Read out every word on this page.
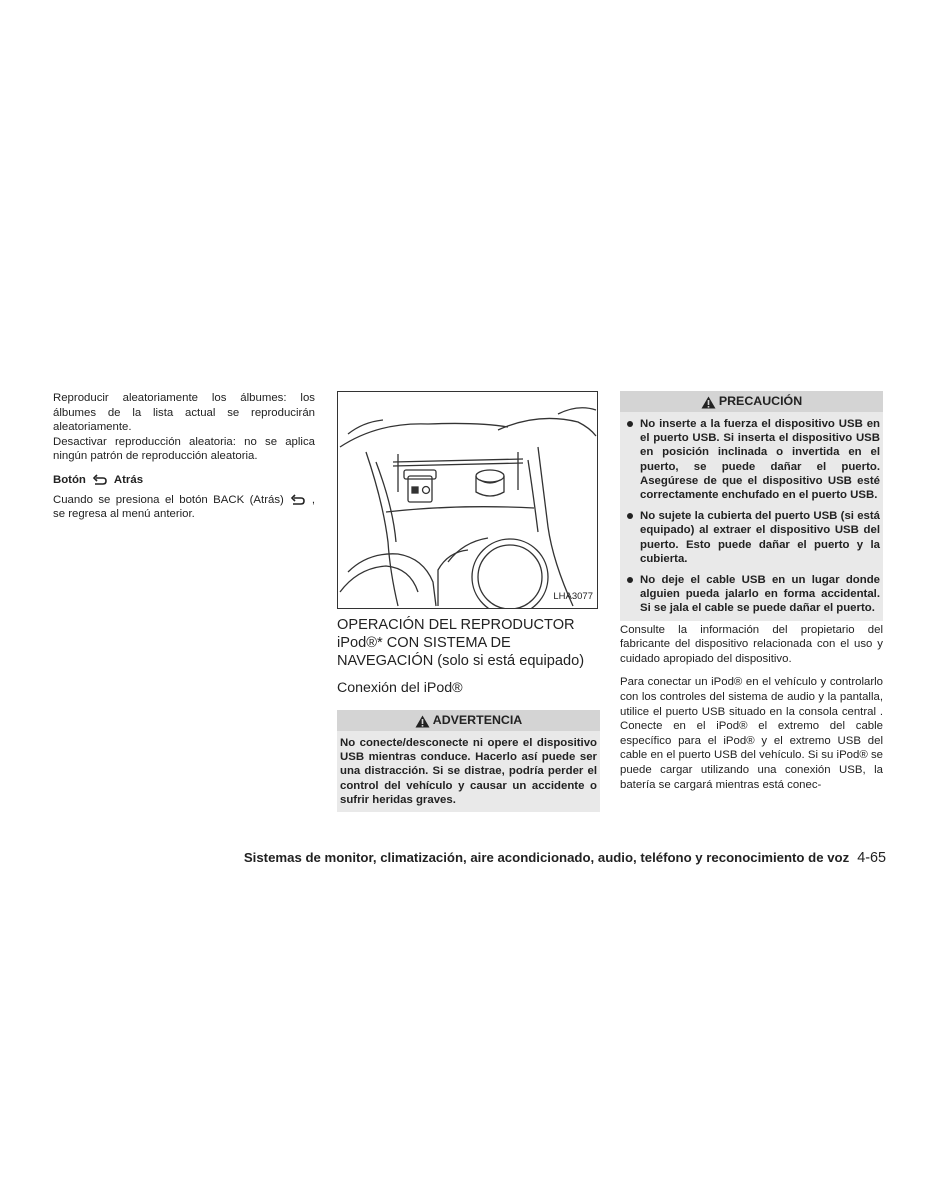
Reproducir aleatoriamente los álbumes: los álbumes de la lista actual se reproducirán aleatoriamente.

Desactivar reproducción aleatoria: no se aplica ningún patrón de reproducción aleatoria.

Botón Atrás

Cuando se presiona el botón BACK (Atrás) , se regresa al menú anterior.

LHA3077
OPERACIÓN DEL REPRODUCTOR iPod®* CON SISTEMA DE NAVEGACIÓN (solo si está equipado)
Conexión del iPod®
ADVERTENCIA

No conecte/desconecte ni opere el dispositivo USB mientras conduce. Hacerlo así puede ser una distracción. Si se distrae, podría perder el control del vehículo y causar un accidente o sufrir heridas graves.

PRECAUCIÓN
No inserte a la fuerza el dispositivo USB en el puerto USB. Si inserta el dispositivo USB en posición inclinada o invertida en el puerto, se puede dañar el puerto. Asegúrese de que el dispositivo USB esté correctamente enchufado en el puerto USB.
No sujete la cubierta del puerto USB (si está equipado) al extraer el dispositivo USB del puerto. Esto puede dañar el puerto y la cubierta.
No deje el cable USB en un lugar donde alguien pueda jalarlo en forma accidental. Si se jala el cable se puede dañar el puerto.

Consulte la información del propietario del fabricante del dispositivo relacionada con el uso y cuidado apropiado del dispositivo.

Para conectar un iPod® en el vehículo y controlarlo con los controles del sistema de audio y la pantalla, utilice el puerto USB situado en la consola central . Conecte en el iPod® el extremo del cable específico para el iPod® y el extremo USB del cable en el puerto USB del vehículo. Si su iPod® se puede cargar utilizando una conexión USB, la batería se cargará mientras está conec-

Sistemas de monitor, climatización, aire acondicionado, audio, teléfono y reconocimiento de voz 4-65
